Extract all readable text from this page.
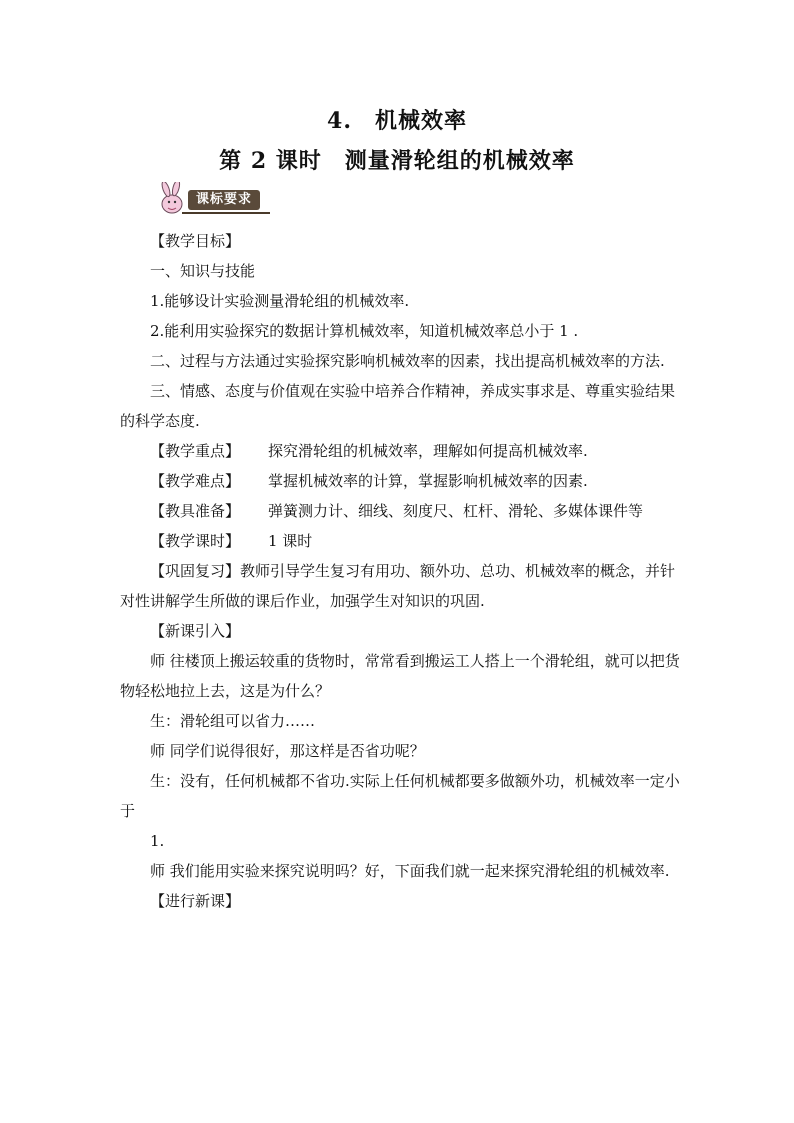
4.　机械效率
第 2 课时　测量滑轮组的机械效率
课标要求

【教学目标】

一、知识与技能

1.能够设计实验测量滑轮组的机械效率.

2.能利用实验探究的数据计算机械效率，知道机械效率总小于 1 .

二、过程与方法通过实验探究影响机械效率的因素，找出提高机械效率的方法.

三、情感、态度与价值观在实验中培养合作精神，养成实事求是、尊重实验结果的科学态度.

【教学重点】	探究滑轮组的机械效率，理解如何提高机械效率.
【教学难点】	掌握机械效率的计算，掌握影响机械效率的因素.
【教具准备】	弹簧测力计、细线、刻度尺、杠杆、滑轮、多媒体课件等
【教学课时】	1 课时

【巩固复习】教师引导学生复习有用功、额外功、总功、机械效率的概念，并针对性讲解学生所做的课后作业，加强学生对知识的巩固.

【新课引入】

师 往楼顶上搬运较重的货物时，常常看到搬运工人搭上一个滑轮组，就可以把货物轻松地拉上去，这是为什么？

生：滑轮组可以省力……

师 同学们说得很好，那这样是否省功呢？

生：没有，任何机械都不省功.实际上任何机械都要多做额外功，机械效率一定小于

1.

师 我们能用实验来探究说明吗？好，下面我们就一起来探究滑轮组的机械效率.

【进行新课】
